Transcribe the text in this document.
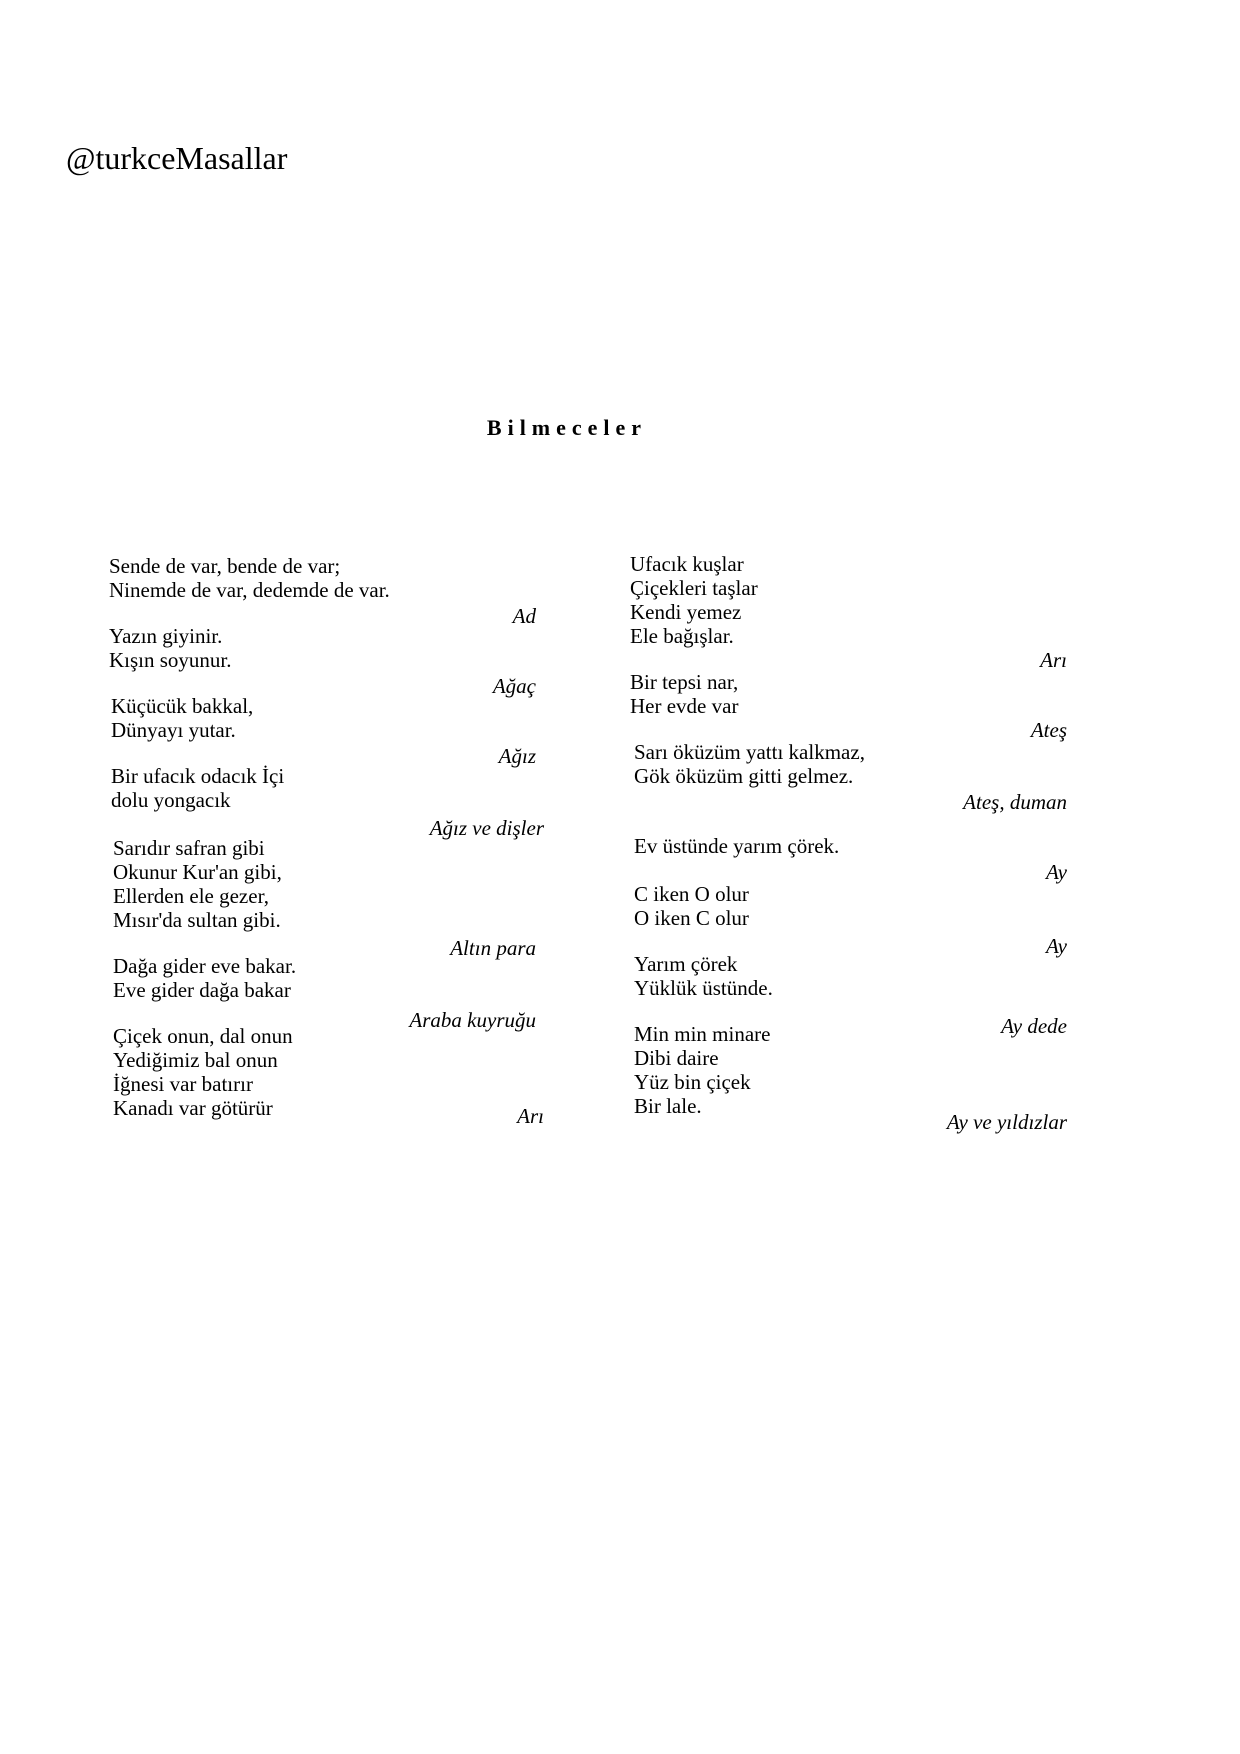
@turkceMasallar
Bilmeceler
Sende de var, bende de var;
Ninemde de var, dedemde de var.
Ad
Yazın giyinir.
Kışın soyunur.
Ağaç
Küçücük bakkal,
Dünyayı yutar.
Ağız
Bir ufacık odacık İçi
dolu yongacık
Ağız ve dişler
Sarıdır safran gibi
Okunur Kur'an gibi,
Ellerden ele gezer,
Mısır'da sultan gibi.
Altın para
Dağa gider eve bakar.
Eve gider dağa bakar
Araba kuyruğu
Çiçek onun, dal onun
Yediğimiz bal onun
İğnesi var batırır
Kanadı var götürür	Arı
Ufacık kuşlar
Çiçekleri taşlar
Kendi yemez
Ele bağışlar.
Arı
Bir tepsi nar,
Her evde var
Ateş
Sarı öküzüm yattı kalkmaz,
Gök öküzüm gitti gelmez.
Ateş, duman
Ev üstünde yarım çörek.
Ay
C iken O olur
O iken C olur
Ay
Yarım çörek
Yüklük üstünde.
Ay dede
Min min minare
Dibi daire
Yüz bin çiçek
Bir lale.
Ay ve yıldızlar
